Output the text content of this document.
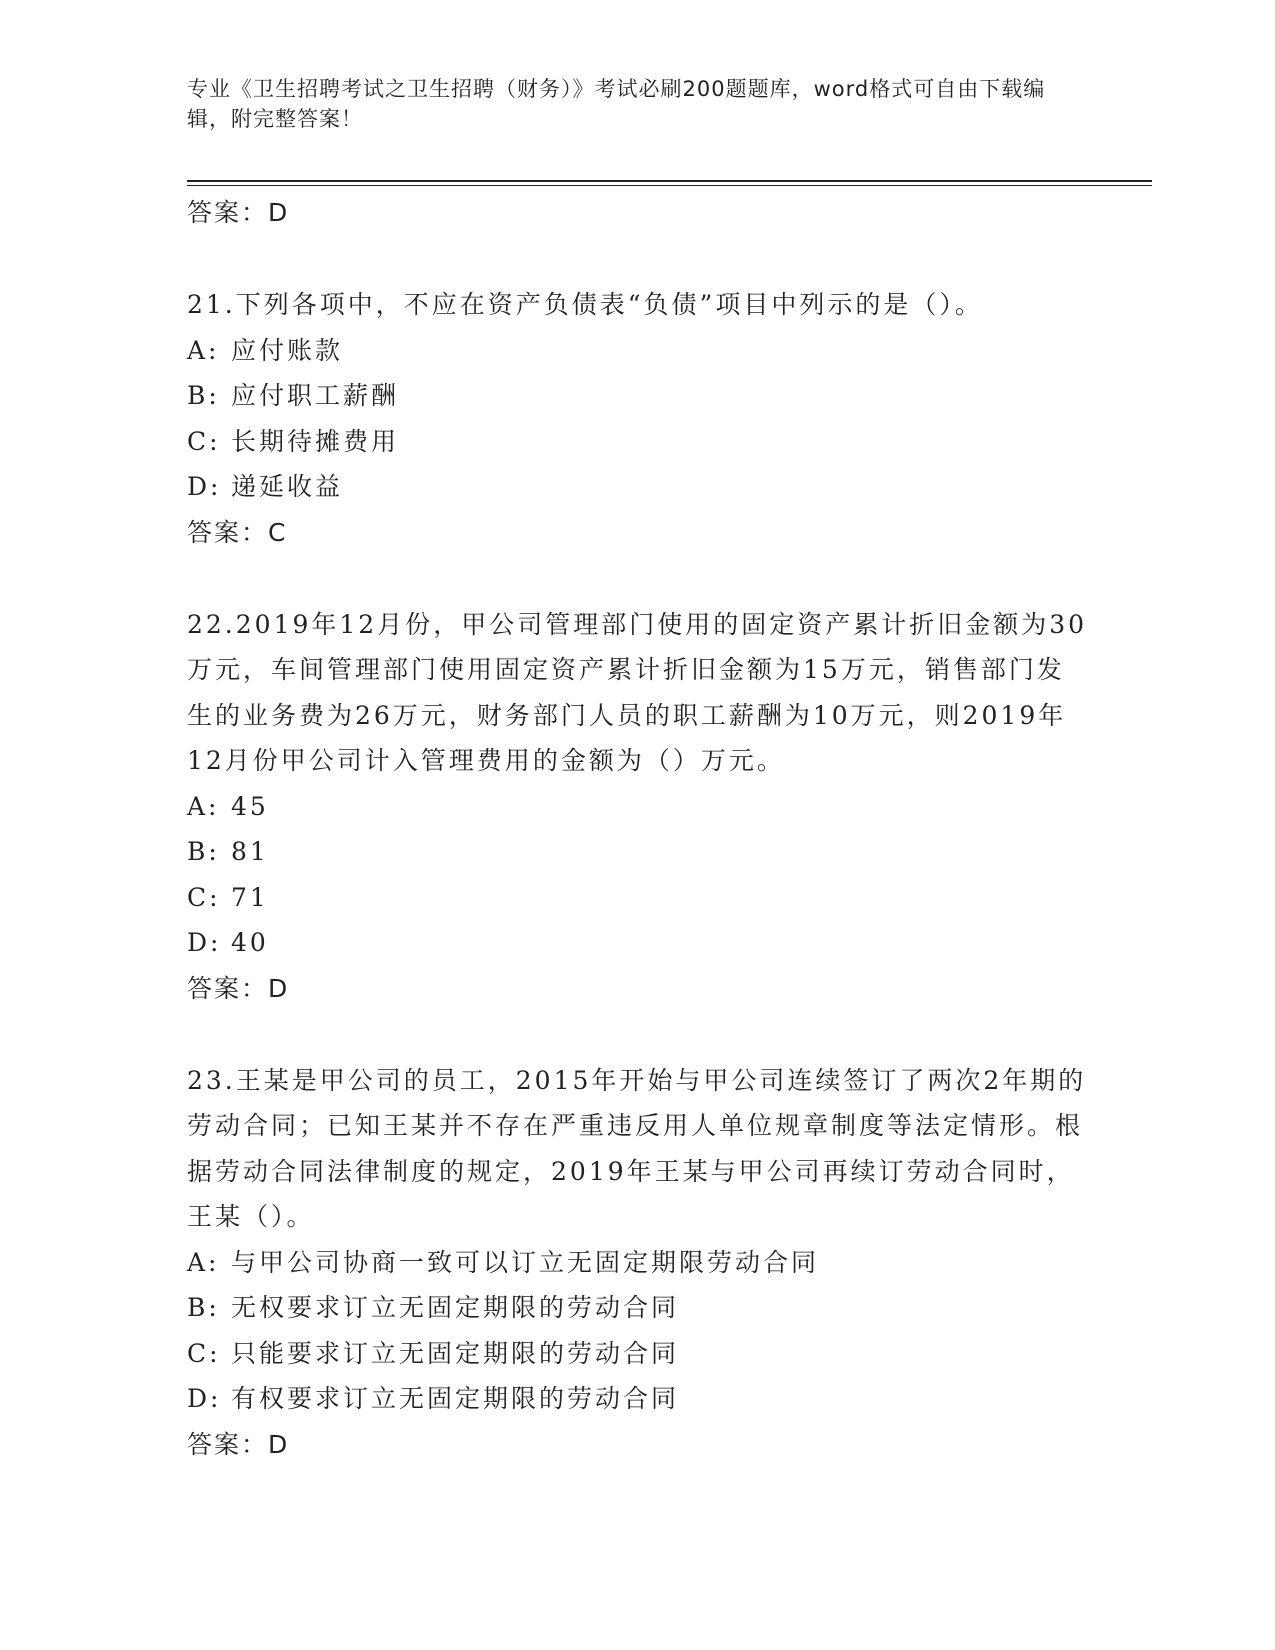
专业《卫生招聘考试之卫生招聘（财务）》考试必刷200题题库，word格式可自由下载编辑，附完整答案！
答案：D
21.下列各项中，不应在资产负债表“负债”项目中列示的是（）。
A: 应付账款
B: 应付职工薪酬
C: 长期待摊费用
D: 递延收益
答案：C
22.2019年12月份，甲公司管理部门使用的固定资产累计折旧金额为30万元，车间管理部门使用固定资产累计折旧金额为15万元，销售部门发生的业务费为26万元，财务部门人员的职工薪酬为10万元，则2019年12月份甲公司计入管理费用的金额为（）万元。
A: 45
B: 81
C: 71
D: 40
答案：D
23.王某是甲公司的员工，2015年开始与甲公司连续签订了两次2年期的劳动合同；已知王某并不存在严重违反用人单位规章制度等法定情形。根据劳动合同法律制度的规定，2019年王某与甲公司再续订劳动合同时，王某（）。
A: 与甲公司协商一致可以订立无固定期限劳动合同
B: 无权要求订立无固定期限的劳动合同
C: 只能要求订立无固定期限的劳动合同
D: 有权要求订立无固定期限的劳动合同
答案：D
